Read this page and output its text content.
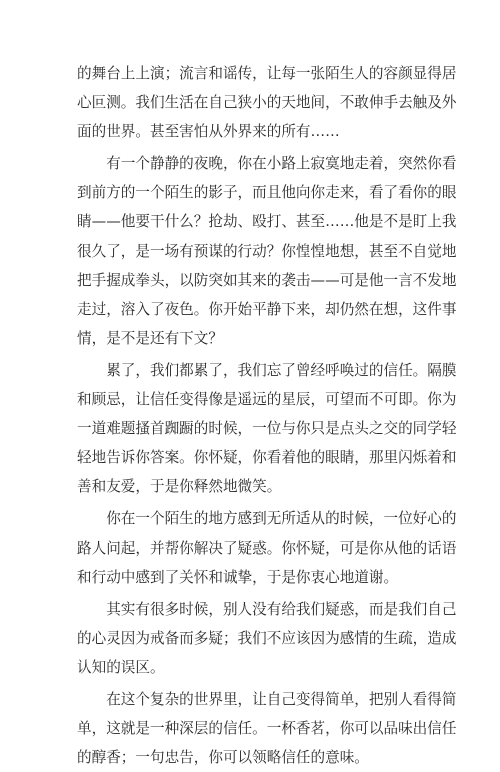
的舞台上上演；流言和谣传，让每一张陌生人的容颜显得居
心叵测。我们生活在自己狭小的天地间，不敢伸手去触及外
面的世界。甚至害怕从外界来的所有……
　　有一个静静的夜晚，你在小路上寂寞地走着，突然你看
到前方的一个陌生的影子，而且他向你走来，看了看你的眼
睛——他要干什么？抢劫、殴打、甚至……他是不是盯上我
很久了，是一场有预谋的行动？你惶惶地想，甚至不自觉地
把手握成拳头，以防突如其来的袭击——可是他一言不发地
走过，溶入了夜色。你开始平静下来，却仍然在想，这件事
情，是不是还有下文？
　　累了，我们都累了，我们忘了曾经呼唤过的信任。隔膜
和顾忌，让信任变得像是遥远的星辰，可望而不可即。你为
一道难题搔首踟蹰的时候，一位与你只是点头之交的同学轻
轻地告诉你答案。你怀疑，你看着他的眼睛，那里闪烁着和
善和友爱，于是你释然地微笑。
　　你在一个陌生的地方感到无所适从的时候，一位好心的
路人问起，并帮你解决了疑惑。你怀疑，可是你从他的话语
和行动中感到了关怀和诚挚，于是你衷心地道谢。
　　其实有很多时候，别人没有给我们疑惑，而是我们自己
的心灵因为戒备而多疑；我们不应该因为感情的生疏，造成
认知的误区。
　　在这个复杂的世界里，让自己变得简单，把别人看得简
单，这就是一种深层的信任。一杯香茗，你可以品味出信任
的醇香；一句忠告，你可以领略信任的意味。
